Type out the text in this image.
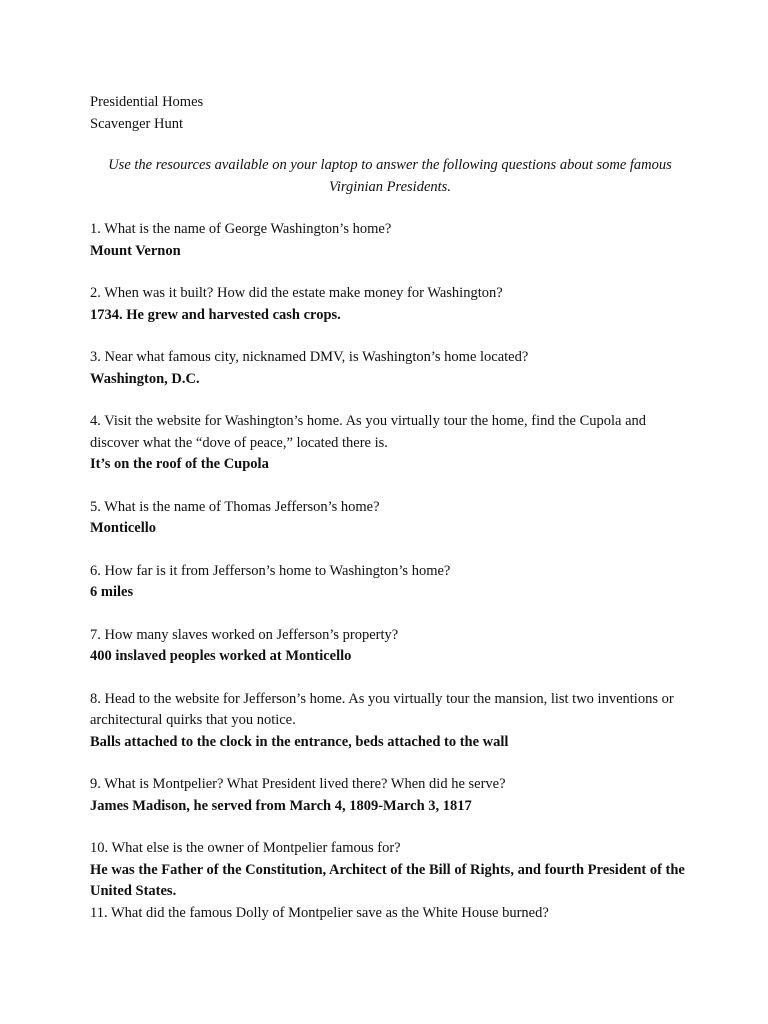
Presidential Homes

Scavenger Hunt

Use the resources available on your laptop to answer the following questions about some famous Virginian Presidents.

1. What is the name of George Washington’s home?

Mount Vernon

2. When was it built? How did the estate make money for Washington?

1734. He grew and harvested cash crops.

3. Near what famous city, nicknamed DMV, is Washington’s home located?

Washington, D.C.

4. Visit the website for Washington’s home. As you virtually tour the home, find the Cupola and discover what the “dove of peace,” located there is.

It’s on the roof of the Cupola

5. What is the name of Thomas Jefferson’s home?

Monticello

6. How far is it from Jefferson’s home to Washington’s home?

6 miles

7. How many slaves worked on Jefferson’s property?

400 inslaved peoples worked at Monticello

8. Head to the website for Jefferson’s home. As you virtually tour the mansion, list two inventions or architectural quirks that you notice.

Balls attached to the clock in the entrance, beds attached to the wall

9. What is Montpelier? What President lived there? When did he serve?

James Madison, he served from March 4, 1809-March 3, 1817

10. What else is the owner of Montpelier famous for?

He was the Father of the Constitution, Architect of the Bill of Rights, and fourth President of the United States.

11. What did the famous Dolly of Montpelier save as the White House burned?
